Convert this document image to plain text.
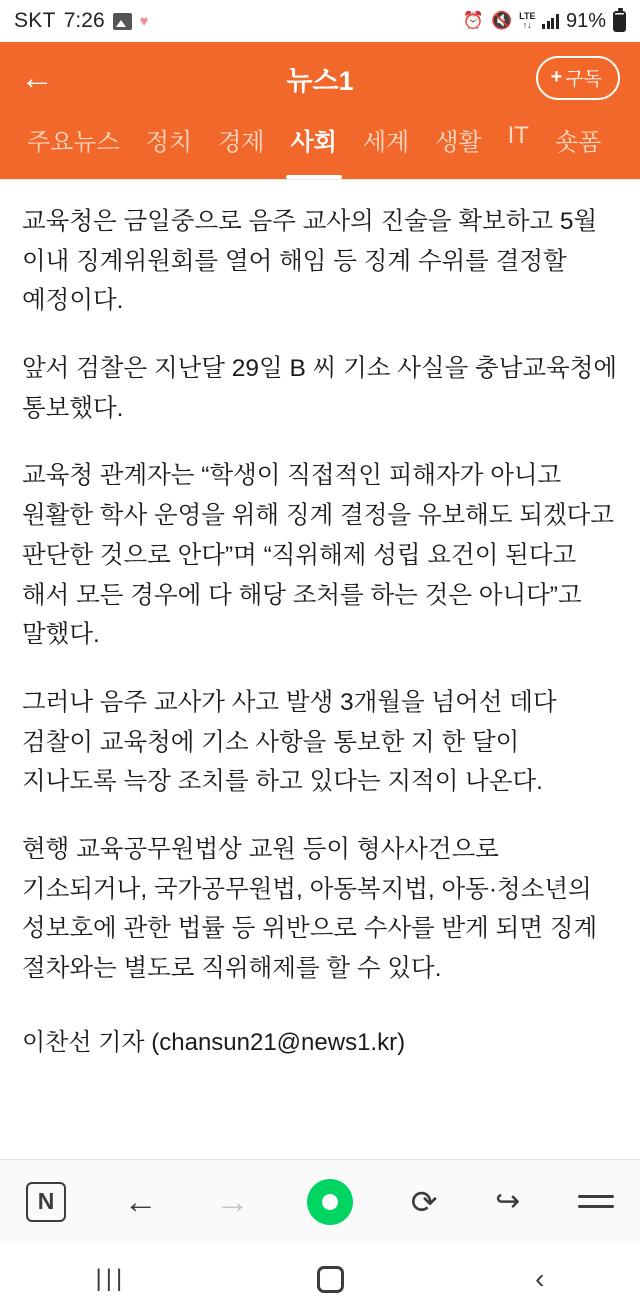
SKT 7:26 ♥	⏰ 🔇 LTE
↑↓ 91%
←	뉴스1	+ 구독
주요뉴스	정치	경제	사회	세계	생활	IT	숏폼

교육청은 금일중으로 음주 교사의 진술을 확보하고 5월 이내 징계위원회를 열어 해임 등 징계 수위를 결정할 예정이다.

앞서 검찰은 지난달 29일 B 씨 기소 사실을 충남교육청에 통보했다.

교육청 관계자는 “학생이 직접적인 피해자가 아니고 원활한 학사 운영을 위해 징계 결정을 유보해도 되겠다고 판단한 것으로 안다”며 “직위해제 성립 요건이 된다고 해서 모든 경우에 다 해당 조처를 하는 것은 아니다”고 말했다.

그러나 음주 교사가 사고 발생 3개월을 넘어선 데다 검찰이 교육청에 기소 사항을 통보한 지 한 달이 지나도록 늑장 조치를 하고 있다는 지적이 나온다.

현행 교육공무원법상 교원 등이 형사사건으로 기소되거나, 국가공무원법, 아동복지법, 아동·청소년의 성보호에 관한 법률 등 위반으로 수사를 받게 되면 징계 절차와는 별도로 직위해제를 할 수 있다.

이찬선 기자 (chansun21@news1.kr)

N	← →	⟳ ↪
|||	‹
